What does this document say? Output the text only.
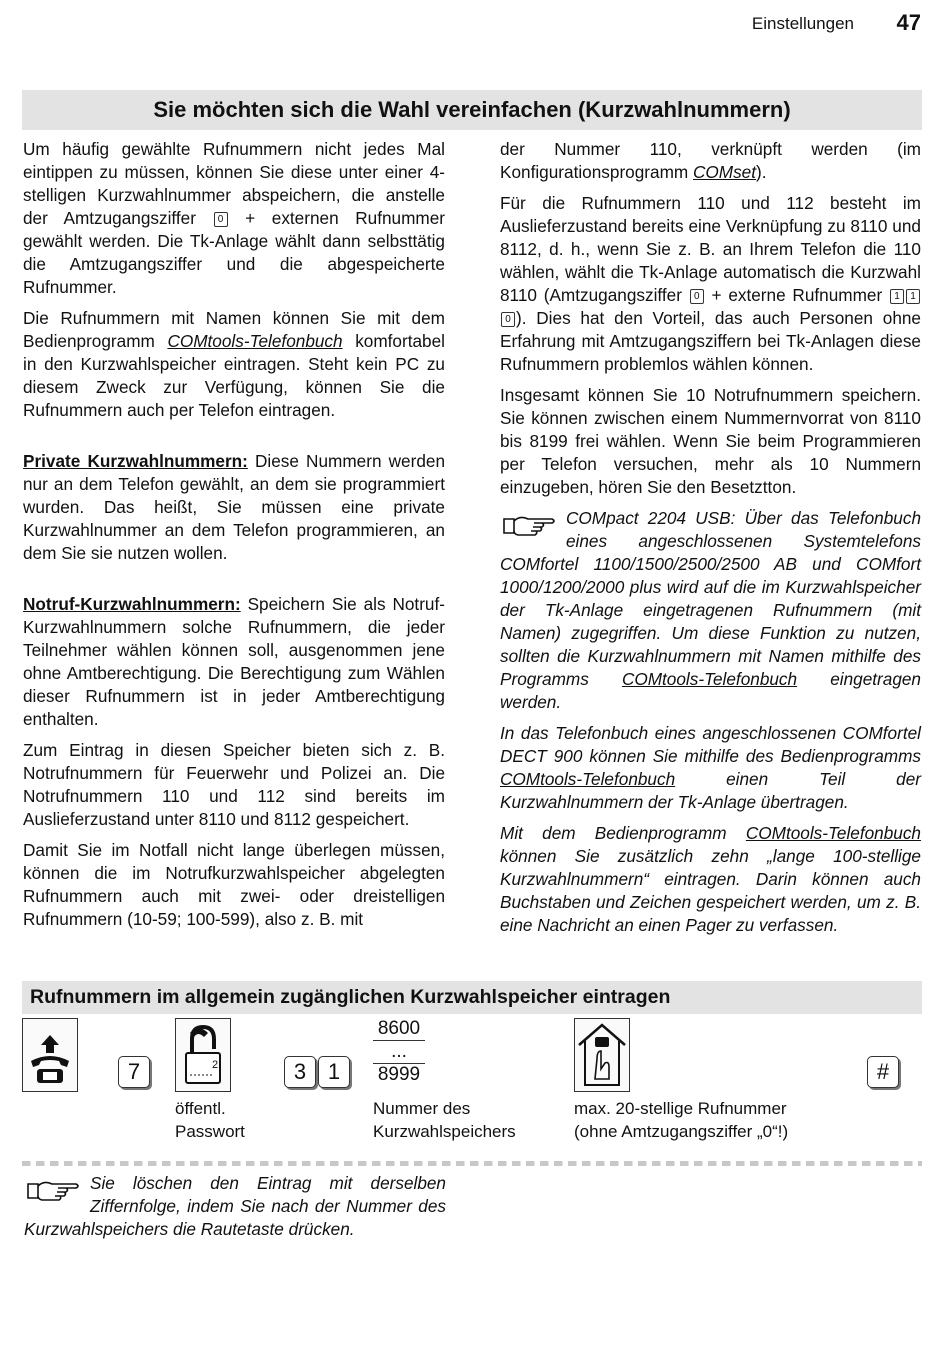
Einstellungen 47
Sie möchten sich die Wahl vereinfachen (Kurzwahlnummern)

Um häufig gewählte Rufnummern nicht jedes Mal eintippen zu müssen, können Sie diese unter einer 4-stelligen Kurzwahlnummer abspeichern, die anstelle der Amtzugangsziffer 0 + externen Rufnummer gewählt werden. Die Tk-Anlage wählt dann selbsttätig die Amtzugangsziffer und die abgespeicherte Rufnummer.

Die Rufnummern mit Namen können Sie mit dem Bedienprogramm COMtools-Telefonbuch komfortabel in den Kurzwahlspeicher eintragen. Steht kein PC zu diesem Zweck zur Verfügung, können Sie die Rufnummern auch per Telefon eintragen.

Private Kurzwahlnummern: Diese Nummern werden nur an dem Telefon gewählt, an dem sie programmiert wurden. Das heißt, Sie müssen eine private Kurzwahlnummer an dem Telefon programmieren, an dem Sie sie nutzen wollen.

Notruf-Kurzwahlnummern: Speichern Sie als Notruf-Kurzwahlnummern solche Rufnummern, die jeder Teilnehmer wählen können soll, ausgenommen jene ohne Amtberechtigung. Die Berechtigung zum Wählen dieser Rufnummern ist in jeder Amtberechtigung enthalten.

Zum Eintrag in diesen Speicher bieten sich z. B. Notrufnummern für Feuerwehr und Polizei an. Die Notrufnummern 110 und 112 sind bereits im Auslieferzustand unter 8110 und 8112 gespeichert.

Damit Sie im Notfall nicht lange überlegen müssen, können die im Notrufkurzwahlspeicher abgelegten Rufnummern auch mit zwei- oder dreistelligen Rufnummern (10-59; 100-599), also z. B. mit

der Nummer 110, verknüpft werden (im Konfigurationsprogramm COMset).

Für die Rufnummern 110 und 112 besteht im Auslieferzustand bereits eine Verknüpfung zu 8110 und 8112, d. h., wenn Sie z. B. an Ihrem Telefon die 110 wählen, wählt die Tk-Anlage automatisch die Kurzwahl 8110 (Amtzugangsziffer 0 + externe Rufnummer 1 10 ). Dies hat den Vorteil, das auch Personen ohne Erfahrung mit Amtzugangsziffern bei Tk-Anlagen diese Rufnummern problemlos wählen können.

Insgesamt können Sie 10 Notrufnummern speichern. Sie können zwischen einem Nummernvorrat von 8110 bis 8199 frei wählen. Wenn Sie beim Programmieren per Telefon versuchen, mehr als 10 Nummern einzugeben, hören Sie den Besetztton.

COMpact 2204 USB: Über das Telefonbuch eines angeschlossenen Systemtelefons COMfortel 1100/1500/2500/2500 AB und COMfort 1000/1200/2000 plus wird auf die im Kurzwahlspeicher der Tk-Anlage eingetragenen Rufnummern (mit Namen) zugegriffen. Um diese Funktion zu nutzen, sollten die Kurzwahlnummern mit Namen mithilfe des Programms COMtools-Telefonbuch eingetragen werden.

In das Telefonbuch eines angeschlossenen COMfortel DECT 900 können Sie mithilfe des Bedienprogramms COMtools-Telefonbuch	einen Teil der Kurzwahlnummern der Tk-Anlage übertragen.

Mit dem Bedienprogramm COMtools-Telefonbuch können Sie zusätzlich zehn „lange 100-stellige Kurzwahlnummern“ eintragen. Darin können auch Buchstaben und Zeichen gespeichert werden, um z. B. eine Nachricht an einen Pager zu verfassen.

Rufnummern im allgemein zugänglichen Kurzwahlspeicher eintragen
7	2	3 1
8600
...
8999	#
öffentl.
Passwort
Nummer des
Kurzwahlspeichers
max. 20-stellige Rufnummer
(ohne Amtzugangsziffer „0“!)
Sie löschen den Eintrag mit derselben Ziffernfolge, indem Sie nach der Nummer des Kurzwahlspeichers die Rautetaste drücken.
